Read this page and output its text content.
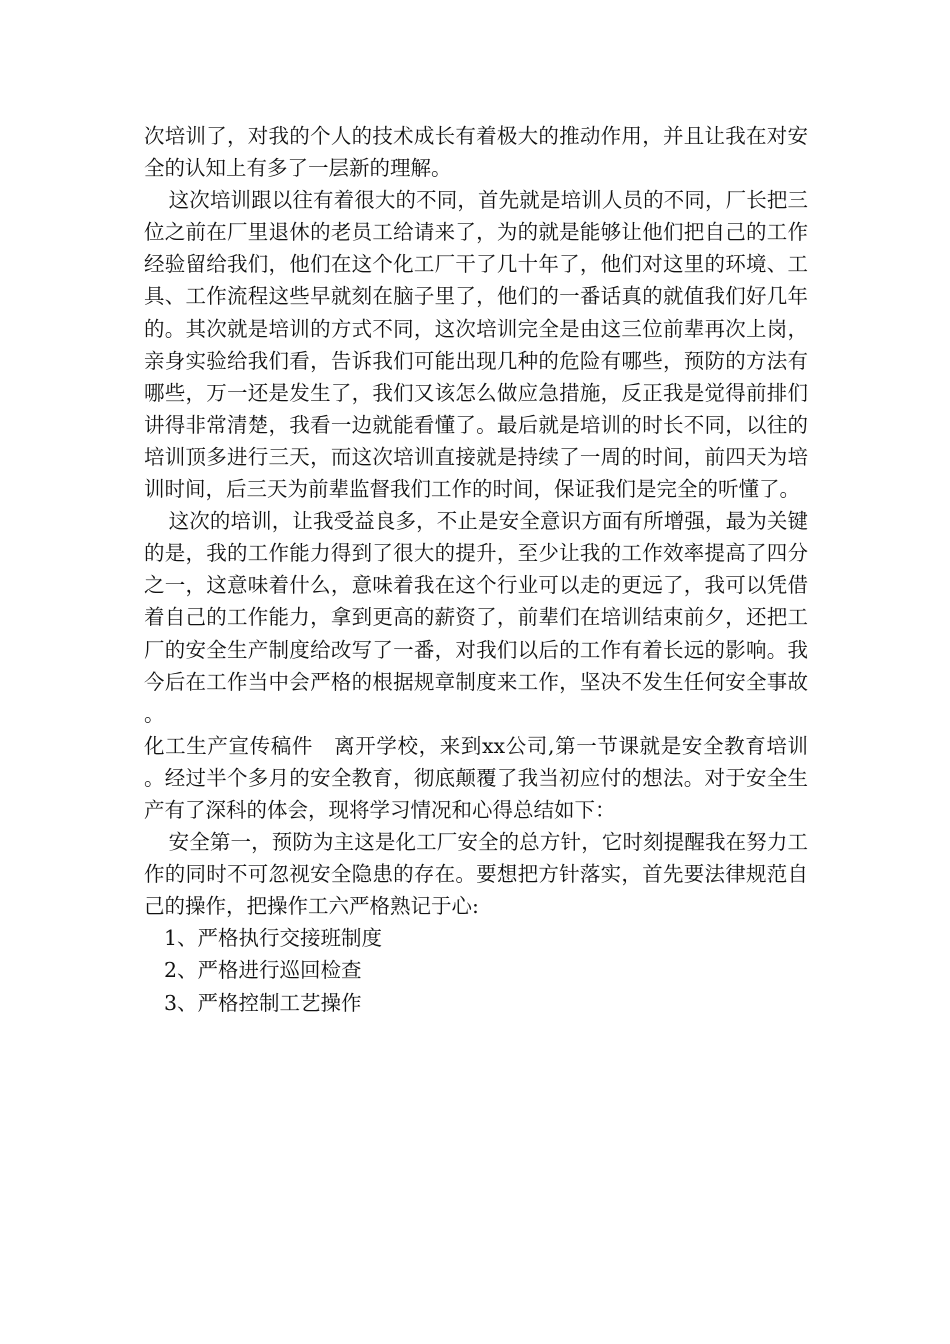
次培训了，对我的个人的技术成长有着极大的推动作用，并且让我在对安全的认知上有多了一层新的理解。

这次培训跟以往有着很大的不同，首先就是培训人员的不同，厂长把三位之前在厂里退休的老员工给请来了，为的就是能够让他们把自己的工作经验留给我们，他们在这个化工厂干了几十年了，他们对这里的环境、工具、工作流程这些早就刻在脑子里了，他们的一番话真的就值我们好几年的。其次就是培训的方式不同，这次培训完全是由这三位前辈再次上岗，亲身实验给我们看，告诉我们可能出现几种的危险有哪些，预防的方法有哪些，万一还是发生了，我们又该怎么做应急措施，反正我是觉得前排们讲得非常清楚，我看一边就能看懂了。最后就是培训的时长不同，以往的培训顶多进行三天，而这次培训直接就是持续了一周的时间，前四天为培训时间，后三天为前辈监督我们工作的时间，保证我们是完全的听懂了。

这次的培训，让我受益良多，不止是安全意识方面有所增强，最为关键的是，我的工作能力得到了很大的提升，至少让我的工作效率提高了四分之一，这意味着什么，意味着我在这个行业可以走的更远了，我可以凭借着自己的工作能力，拿到更高的薪资了，前辈们在培训结束前夕，还把工厂的安全生产制度给改写了一番，对我们以后的工作有着长远的影响。我今后在工作当中会严格的根据规章制度来工作，坚决不发生任何安全事故。

化工生产宣传稿件　离开学校，来到xx公司,第一节课就是安全教育培训。经过半个多月的安全教育，彻底颠覆了我当初应付的想法。对于安全生产有了深科的体会，现将学习情况和心得总结如下：

安全第一，预防为主这是化工厂安全的总方针，它时刻提醒我在努力工作的同时不可忽视安全隐患的存在。要想把方针落实，首先要法律规范自己的操作，把操作工六严格熟记于心:

1、严格执行交接班制度

2、严格进行巡回检查

3、严格控制工艺操作
